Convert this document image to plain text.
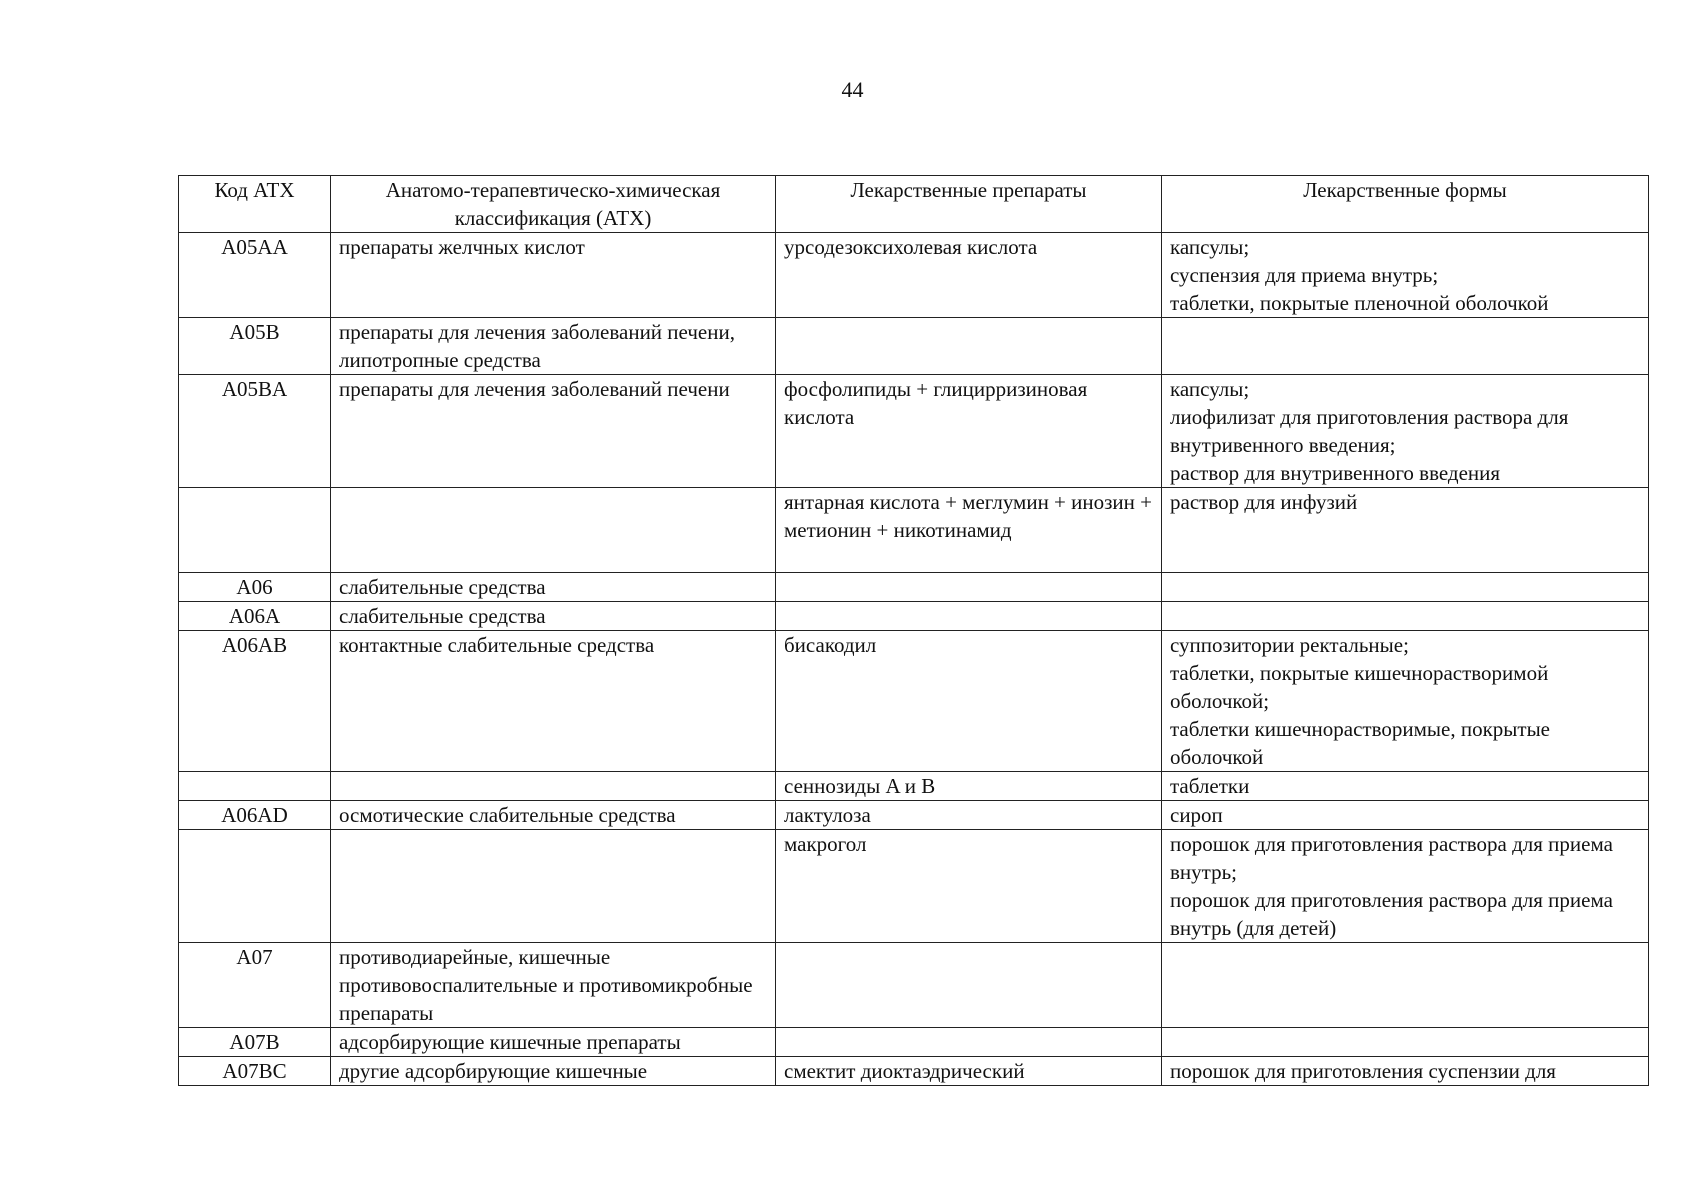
44
Код АТХ	Анатомо-терапевтическо-химическая классификация (АТХ)	Лекарственные препараты	Лекарственные формы
A05AA	препараты желчных кислот	урсодезоксихолевая кислота	капсулы;
суспензия для приема внутрь;
таблетки, покрытые пленочной оболочкой
A05B	препараты для лечения заболеваний печени, липотропные средства		
A05BA	препараты для лечения заболеваний печени	фосфолипиды + глицирризиновая кислота	капсулы;
лиофилизат для приготовления раствора для внутривенного введения;
раствор для внутривенного введения
		янтарная кислота + меглумин + инозин + метионин + никотинамид	раствор для инфузий
A06	слабительные средства		
A06A	слабительные средства		
A06AB	контактные слабительные средства	бисакодил	суппозитории ректальные;
таблетки, покрытые кишечнорастворимой оболочкой;
таблетки кишечнорастворимые, покрытые оболочкой
		сеннозиды A и B	таблетки
A06AD	осмотические слабительные средства	лактулоза	сироп
		макрогол	порошок для приготовления раствора для приема внутрь;
порошок для приготовления раствора для приема внутрь (для детей)
A07	противодиарейные, кишечные противовоспалительные и противомикробные препараты		
A07B	адсорбирующие кишечные препараты		
A07BC	другие адсорбирующие кишечные	смектит диоктаэдрический	порошок для приготовления суспензии для
